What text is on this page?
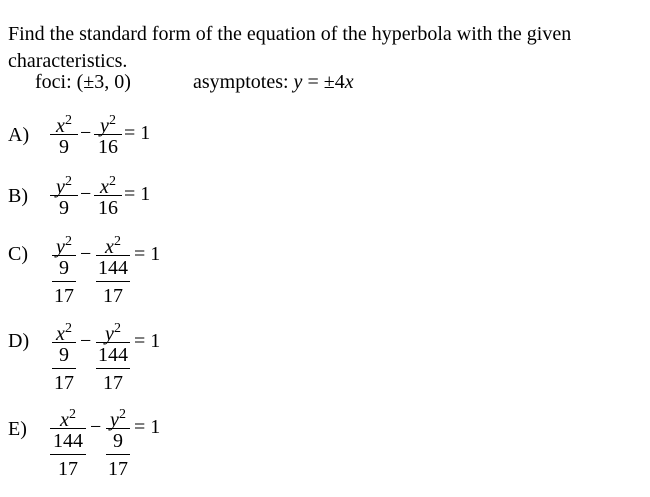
Find the standard form of the equation of the hyperbola with the given
characteristics.
foci: (±3, 0)	asymptotes: y = ±4x
A)	$x^2$
9
− $y^2$
16
= 1
B)	$y^2$
9
− $x^2$
16
= 1
C) $y^2$
9
17
− $x^2$
144
17
= 1
D) $x^2$
9
17
− $y^2$
144
17
= 1
E)	$x^2$
144
17
− $y^2$
9
17
= 1
